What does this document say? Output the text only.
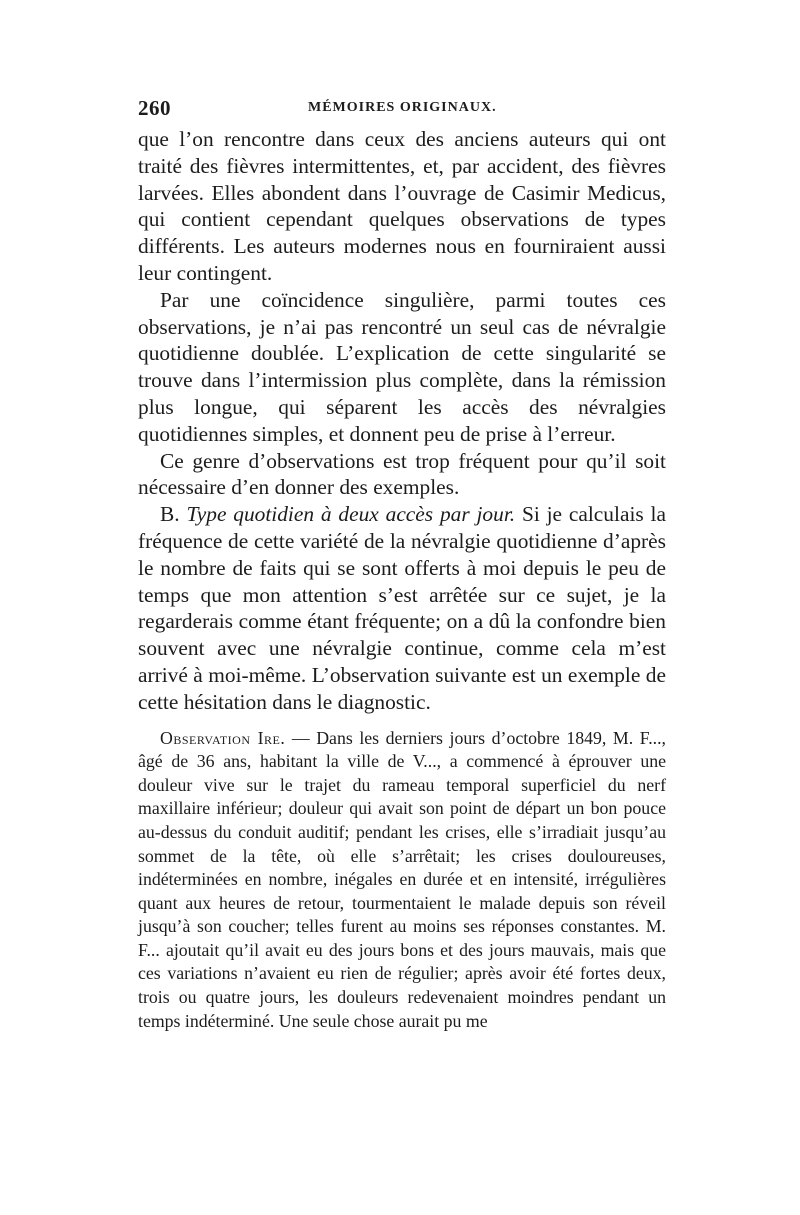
260	MÉMOIRES ORIGINAUX.

que l’on rencontre dans ceux des anciens auteurs qui ont traité des fièvres intermittentes, et, par accident, des fièvres larvées. Elles abondent dans l’ouvrage de Casimir Medicus, qui contient cependant quelques observations de types différents. Les auteurs modernes nous en fourniraient aussi leur contingent.

Par une coïncidence singulière, parmi toutes ces observations, je n’ai pas rencontré un seul cas de névralgie quotidienne doublée. L’explication de cette singularité se trouve dans l’intermission plus complète, dans la rémission plus longue, qui séparent les accès des névralgies quotidiennes simples, et donnent peu de prise à l’erreur.

Ce genre d’observations est trop fréquent pour qu’il soit nécessaire d’en donner des exemples.

B. Type quotidien à deux accès par jour. Si je calculais la fréquence de cette variété de la névralgie quotidienne d’après le nombre de faits qui se sont offerts à moi depuis le peu de temps que mon attention s’est arrêtée sur ce sujet, je la regarderais comme étant fréquente; on a dû la confondre bien souvent avec une névralgie continue, comme cela m’est arrivé à moi-même. L’observation suivante est un exemple de cette hésitation dans le diagnostic.

Observation Ire. — Dans les derniers jours d’octobre 1849, M. F..., âgé de 36 ans, habitant la ville de V..., a commencé à éprouver une douleur vive sur le trajet du rameau temporal superficiel du nerf maxillaire inférieur; douleur qui avait son point de départ un bon pouce au-dessus du conduit auditif; pendant les crises, elle s’irradiait jusqu’au sommet de la tête, où elle s’arrêtait; les crises douloureuses, indéterminées en nombre, inégales en durée et en intensité, irrégulières quant aux heures de retour, tourmentaient le malade depuis son réveil jusqu’à son coucher; telles furent au moins ses réponses constantes. M. F... ajoutait qu’il avait eu des jours bons et des jours mauvais, mais que ces variations n’avaient eu rien de régulier; après avoir été fortes deux, trois ou quatre jours, les douleurs redevenaient moindres pendant un temps indéterminé. Une seule chose aurait pu me
